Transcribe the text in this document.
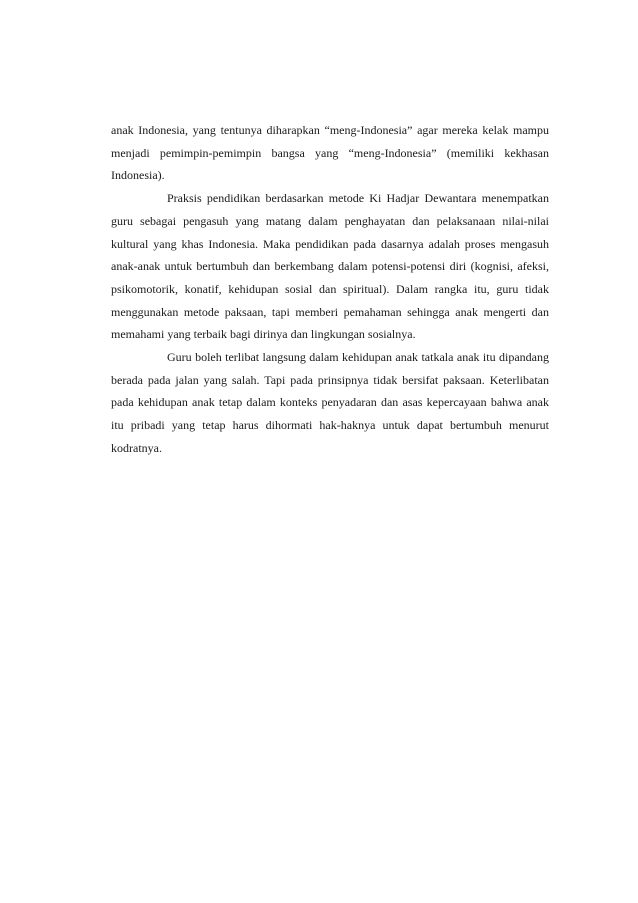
anak Indonesia, yang tentunya diharapkan “meng-Indonesia” agar mereka kelak mampu menjadi pemimpin-pemimpin bangsa yang “meng-Indonesia” (memiliki kekhasan Indonesia).

Praksis pendidikan berdasarkan metode Ki Hadjar Dewantara menempatkan guru sebagai pengasuh yang matang dalam penghayatan dan pelaksanaan nilai-nilai kultural yang khas Indonesia. Maka pendidikan pada dasarnya adalah proses mengasuh anak-anak untuk bertumbuh dan berkembang dalam potensi-potensi diri (kognisi, afeksi, psikomotorik, konatif, kehidupan sosial dan spiritual). Dalam rangka itu, guru tidak menggunakan metode paksaan, tapi memberi pemahaman sehingga anak mengerti dan memahami yang terbaik bagi dirinya dan lingkungan sosialnya.

Guru boleh terlibat langsung dalam kehidupan anak tatkala anak itu dipandang berada pada jalan yang salah. Tapi pada prinsipnya tidak bersifat paksaan. Keterlibatan pada kehidupan anak tetap dalam konteks penyadaran dan asas kepercayaan bahwa anak itu pribadi yang tetap harus dihormati hak-haknya untuk dapat bertumbuh menurut kodratnya.
